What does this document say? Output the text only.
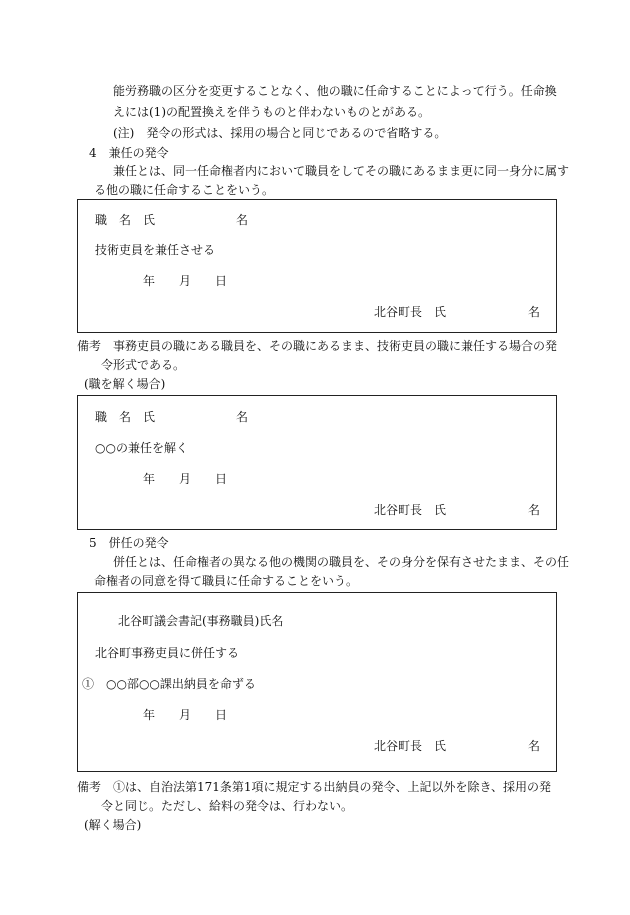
能労務職の区分を変更することなく、他の職に任命することによって行う。任命換
えには(1)の配置換えを伴うものと伴わないものとがある。
(注)　発令の形式は、採用の場合と同じであるので省略する。
4　兼任の発令
兼任とは、同一任命権者内において職員をしてその職にあるまま更に同一身分に属す
る他の職に任命することをいう。
職　名　氏	名
技術吏員を兼任させる
年　　月　　日
北谷町長　氏	名
備考　事務吏員の職にある職員を、その職にあるまま、技術吏員の職に兼任する場合の発
令形式である。
(職を解く場合)
職　名　氏	名
○○の兼任を解く
年　　月　　日
北谷町長　氏	名
5　併任の発令
併任とは、任命権者の異なる他の機関の職員を、その身分を保有させたまま、その任
命権者の同意を得て職員に任命することをいう。
北谷町議会書記(事務職員)氏名
北谷町事務吏員に併任する
①　○○部○○課出納員を命ずる
年　　月　　日
北谷町長　氏	名
備考　①は、自治法第171条第1項に規定する出納員の発令、上記以外を除き、採用の発
令と同じ。ただし、給料の発令は、行わない。
(解く場合)
